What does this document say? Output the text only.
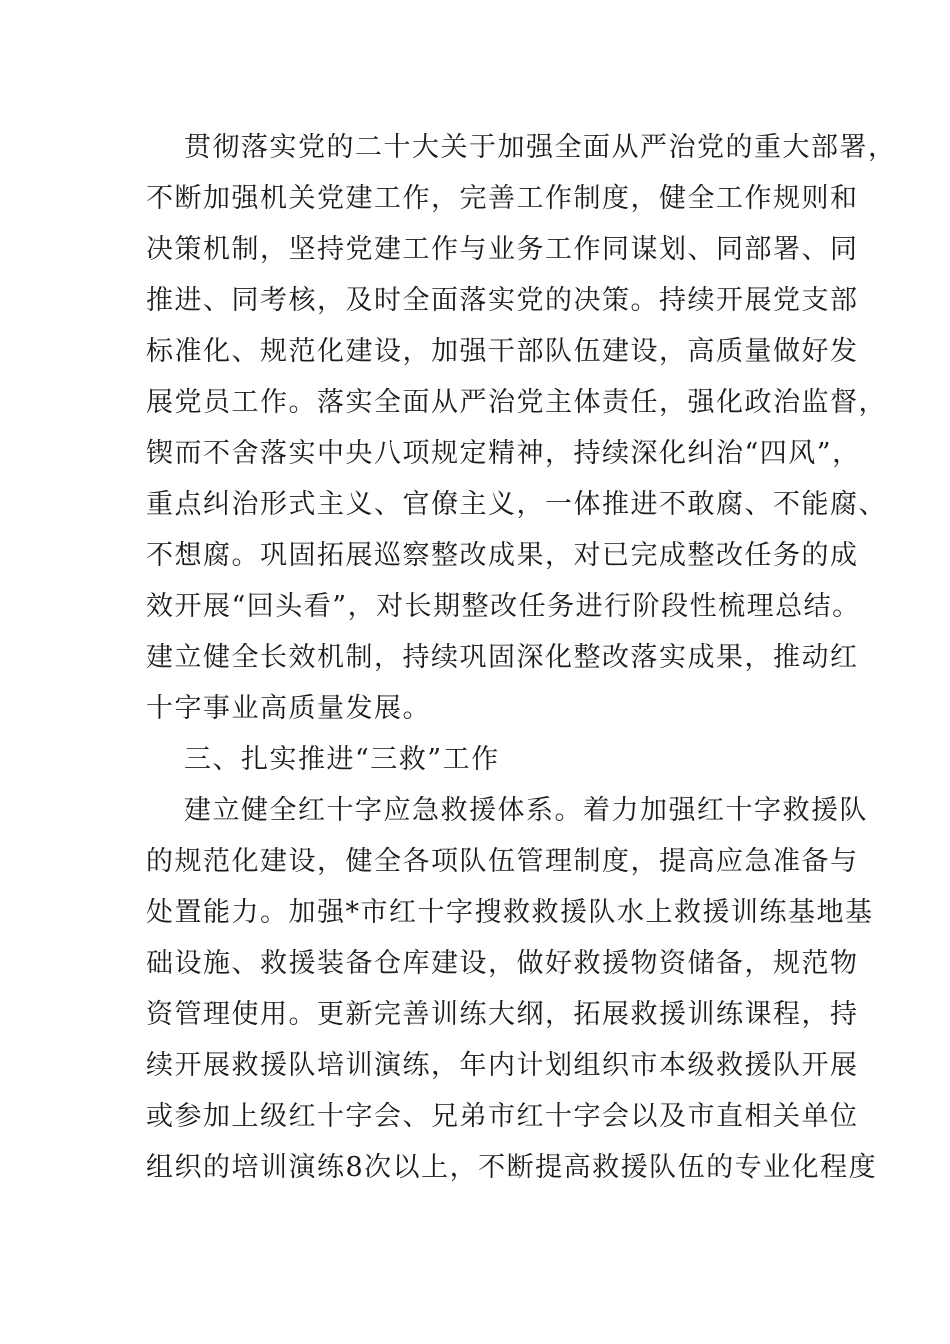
贯彻落实党的二十大关于加强全面从严治党的重大部署，
不断加强机关党建工作，完善工作制度，健全工作规则和
决策机制，坚持党建工作与业务工作同谋划、同部署、同
推进、同考核，及时全面落实党的决策。持续开展党支部
标准化、规范化建设，加强干部队伍建设，高质量做好发
展党员工作。落实全面从严治党主体责任，强化政治监督，
锲而不舍落实中央八项规定精神，持续深化纠治“四风”，
重点纠治形式主义、官僚主义，一体推进不敢腐、不能腐、
不想腐。巩固拓展巡察整改成果，对已完成整改任务的成
效开展“回头看”，对长期整改任务进行阶段性梳理总结。
建立健全长效机制，持续巩固深化整改落实成果，推动红
十字事业高质量发展。
三、扎实推进“三救”工作
建立健全红十字应急救援体系。着力加强红十字救援队
的规范化建设，健全各项队伍管理制度，提高应急准备与
处置能力。加强*市红十字搜救救援队水上救援训练基地基
础设施、救援装备仓库建设，做好救援物资储备，规范物
资管理使用。更新完善训练大纲，拓展救援训练课程，持
续开展救援队培训演练，年内计划组织市本级救援队开展
或参加上级红十字会、兄弟市红十字会以及市直相关单位
组织的培训演练8次以上，不断提高救援队伍的专业化程度
